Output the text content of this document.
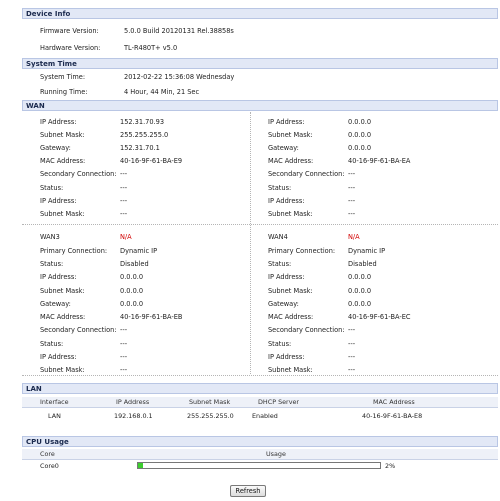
Device Info
Firmware Version:	5.0.0 Build 20120131 Rel.38858s
Hardware Version:	TL-R480T+ v5.0
System Time
System Time:	2012-02-22 15:36:08 Wednesday
Running Time:	4 Hour, 44 Min, 21 Sec
WAN
IP Address:	152.31.70.93
Subnet Mask:	255.255.255.0
Gateway:	152.31.70.1
MAC Address:	40-16-9F-61-BA-E9
Secondary Connection: ---
Status:	---
IP Address:	---
Subnet Mask:	---
IP Address:	0.0.0.0
Subnet Mask:	0.0.0.0
Gateway:	0.0.0.0
MAC Address:	40-16-9F-61-BA-EA
Secondary Connection: ---
Status:	---
IP Address:	---
Subnet Mask:	---
WAN3	N/A
Primary Connection: Dynamic IP
Status:	Disabled
IP Address:	0.0.0.0
Subnet Mask:	0.0.0.0
Gateway:	0.0.0.0
MAC Address:	40-16-9F-61-BA-EB
Secondary Connection: ---
Status:	---
IP Address:	---
Subnet Mask:	---
WAN4	N/A
Primary Connection: Dynamic IP
Status:	Disabled
IP Address:	0.0.0.0
Subnet Mask:	0.0.0.0
Gateway:	0.0.0.0
MAC Address:	40-16-9F-61-BA-EC
Secondary Connection: ---
Status:	---
IP Address:	---
Subnet Mask:	---
LAN
Interface	IP Address	Subnet Mask	DHCP Server	MAC Address
LAN	192.168.0.1	255.255.255.0	Enabled	40-16-9F-61-BA-E8
CPU Usage
Core	Usage
Core0	2%
Refresh
